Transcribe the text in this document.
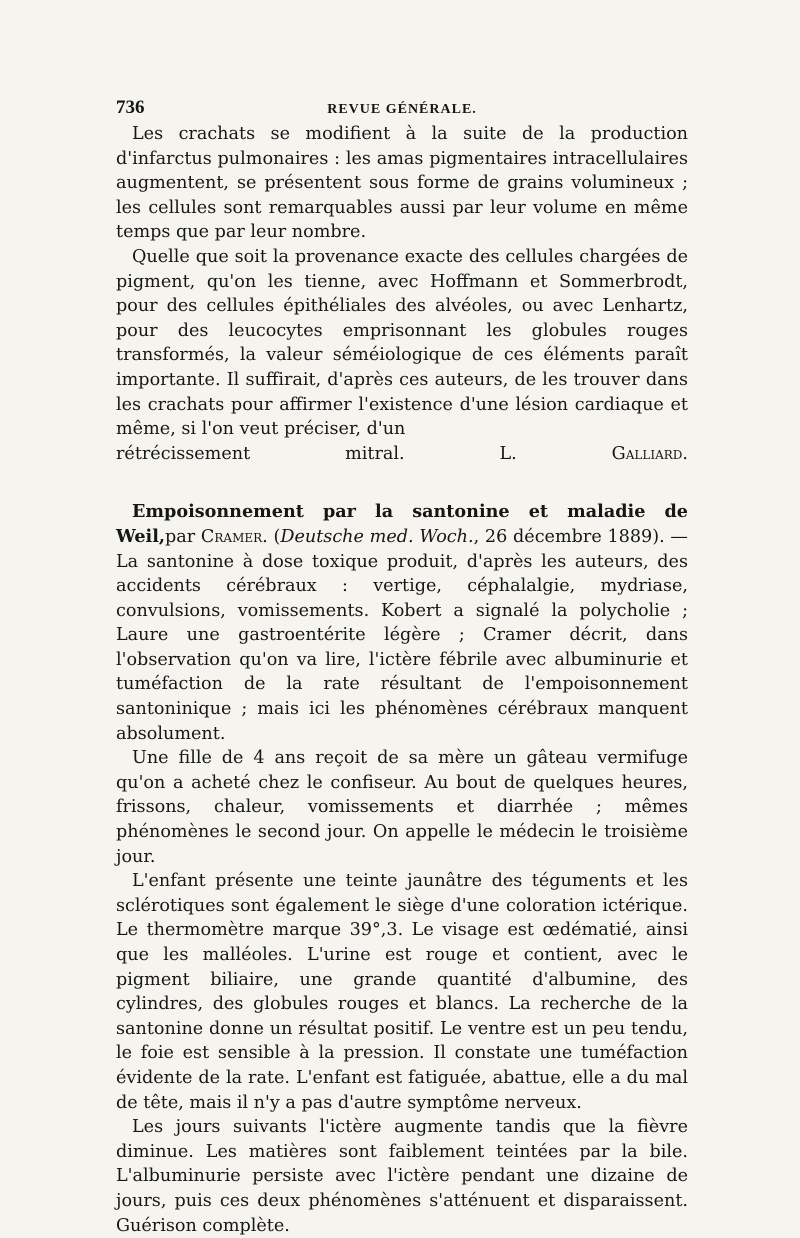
736	REVUE GÉNÉRALE.

Les crachats se modifient à la suite de la production d'infarctus pulmonaires : les amas pigmentaires intracellulaires augmentent, se présentent sous forme de grains volumineux ; les cellules sont remarquables aussi par leur volume en même temps que par leur nombre.

Quelle que soit la provenance exacte des cellules chargées de pigment, qu'on les tienne, avec Hoffmann et Sommerbrodt, pour des cellules épithéliales des alvéoles, ou avec Lenhartz, pour des leucocytes emprisonnant les globules rouges transformés, la valeur séméiologique de ces éléments paraît importante. Il suffirait, d'après ces auteurs, de les trouver dans les crachats pour affirmer l'existence d'une lésion cardiaque et même, si l'on veut préciser, d'un

rétrécissement mitral.	L. Galliard.

Empoisonnement par la santonine et maladie de Weil,par Cramer. (Deutsche med. Woch., 26 décembre 1889). — La santonine à dose toxique produit, d'après les auteurs, des accidents cérébraux : vertige, céphalalgie, mydriase, convulsions, vomissements. Kobert a signalé la polycholie ; Laure une gastroentérite légère ; Cramer décrit, dans l'observation qu'on va lire, l'ictère fébrile avec albuminurie et tuméfaction de la rate résultant de l'empoisonnement santoninique ; mais ici les phénomènes cérébraux manquent absolument.

Une fille de 4 ans reçoit de sa mère un gâteau vermifuge qu'on a acheté chez le confiseur. Au bout de quelques heures, frissons, chaleur, vomissements et diarrhée ; mêmes phénomènes le second jour. On appelle le médecin le troisième jour.

L'enfant présente une teinte jaunâtre des téguments et les sclérotiques sont également le siège d'une coloration ictérique. Le thermomètre marque 39°,3. Le visage est œdématié, ainsi que les malléoles. L'urine est rouge et contient, avec le pigment biliaire, une grande quantité d'albumine, des cylindres, des globules rouges et blancs. La recherche de la santonine donne un résultat positif. Le ventre est un peu tendu, le foie est sensible à la pression. Il constate une tuméfaction évidente de la rate. L'enfant est fatiguée, abattue, elle a du mal de tête, mais il n'y a pas d'autre symptôme nerveux.

Les jours suivants l'ictère augmente tandis que la fièvre diminue. Les matières sont faiblement teintées par la bile. L'albuminurie persiste avec l'ictère pendant une dizaine de jours, puis ces deux phénomènes s'atténuent et disparaissent. Guérison complète.
